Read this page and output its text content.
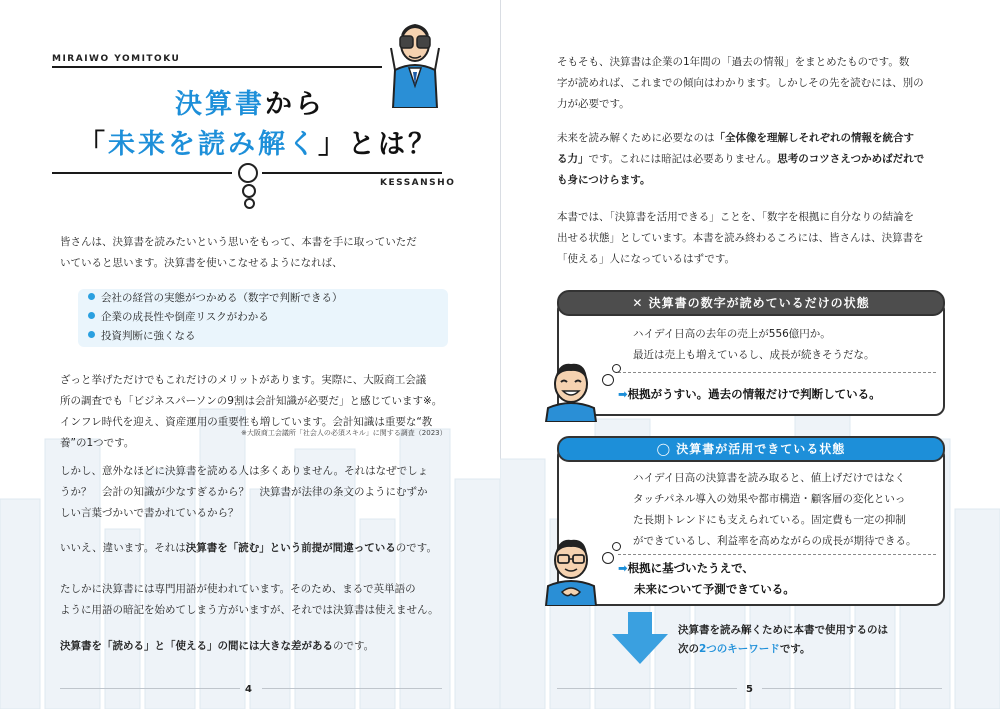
MIRAIWO YOMITOKU
決算書から
「未来を読み解く」とは？
KESSANSHO
皆さんは、決算書を読みたいという思いをもって、本書を手に取っていただ
いていると思います。決算書を使いこなせるようになれば、
会社の経営の実態がつかめる（数字で判断できる）
企業の成長性や倒産リスクがわかる
投資判断に強くなる
ざっと挙げただけでもこれだけのメリットがあります。実際に、大阪商工会議
所の調査でも「ビジネスパーソンの9割は会計知識が必要だ」と感じています※。
インフレ時代を迎え、資産運用の重要性も増しています。会計知識は重要な“教
養”の1つです。
※大阪商工会議所「社会人の必須スキル」に関する調査（2023）
しかし、意外なほどに決算書を読める人は多くありません。それはなぜでしょ
うか？　会計の知識が少なすぎるから？　決算書が法律の条文のようにむずか
しい言葉づかいで書かれているから？
いいえ、違います。それは決算書を「読む」という前提が間違っているのです。
たしかに決算書には専門用語が使われています。そのため、まるで英単語の
ように用語の暗記を始めてしまう方がいますが、それでは決算書は使えません。
決算書を「読める」と「使える」の間には大きな差があるのです。
4
そもそも、決算書は企業の1年間の「過去の情報」をまとめたものです。数
字が読めれば、これまでの傾向はわかります。しかしその先を読むには、別の
力が必要です。
未来を読み解くために必要なのは「全体像を理解しそれぞれの情報を統合す
る力」です。これには暗記は必要ありません。思考のコツさえつかめばだれで
も身につけらます。
本書では、「決算書を活用できる」ことを、「数字を根拠に自分なりの結論を
出せる状態」としています。本書を読み終わるころには、皆さんは、決算書を
「使える」人になっているはずです。
✕ 決算書の数字が読めているだけの状態
ハイデイ日高の去年の売上が556億円か。
最近は売上も増えているし、成長が続きそうだな。
➡根拠がうすい。過去の情報だけで判断している。
◯ 決算書が活用できている状態
ハイデイ日高の決算書を読み取ると、値上げだけではなく
タッチパネル導入の効果や都市構造・顧客層の変化といっ
た長期トレンドにも支えられている。固定費も一定の抑制
ができているし、利益率を高めながらの成長が期待できる。
➡根拠に基づいたうえで、
未来について予測できている。
決算書を読み解くために本書で使用するのは
次の2つのキーワードです。
5
